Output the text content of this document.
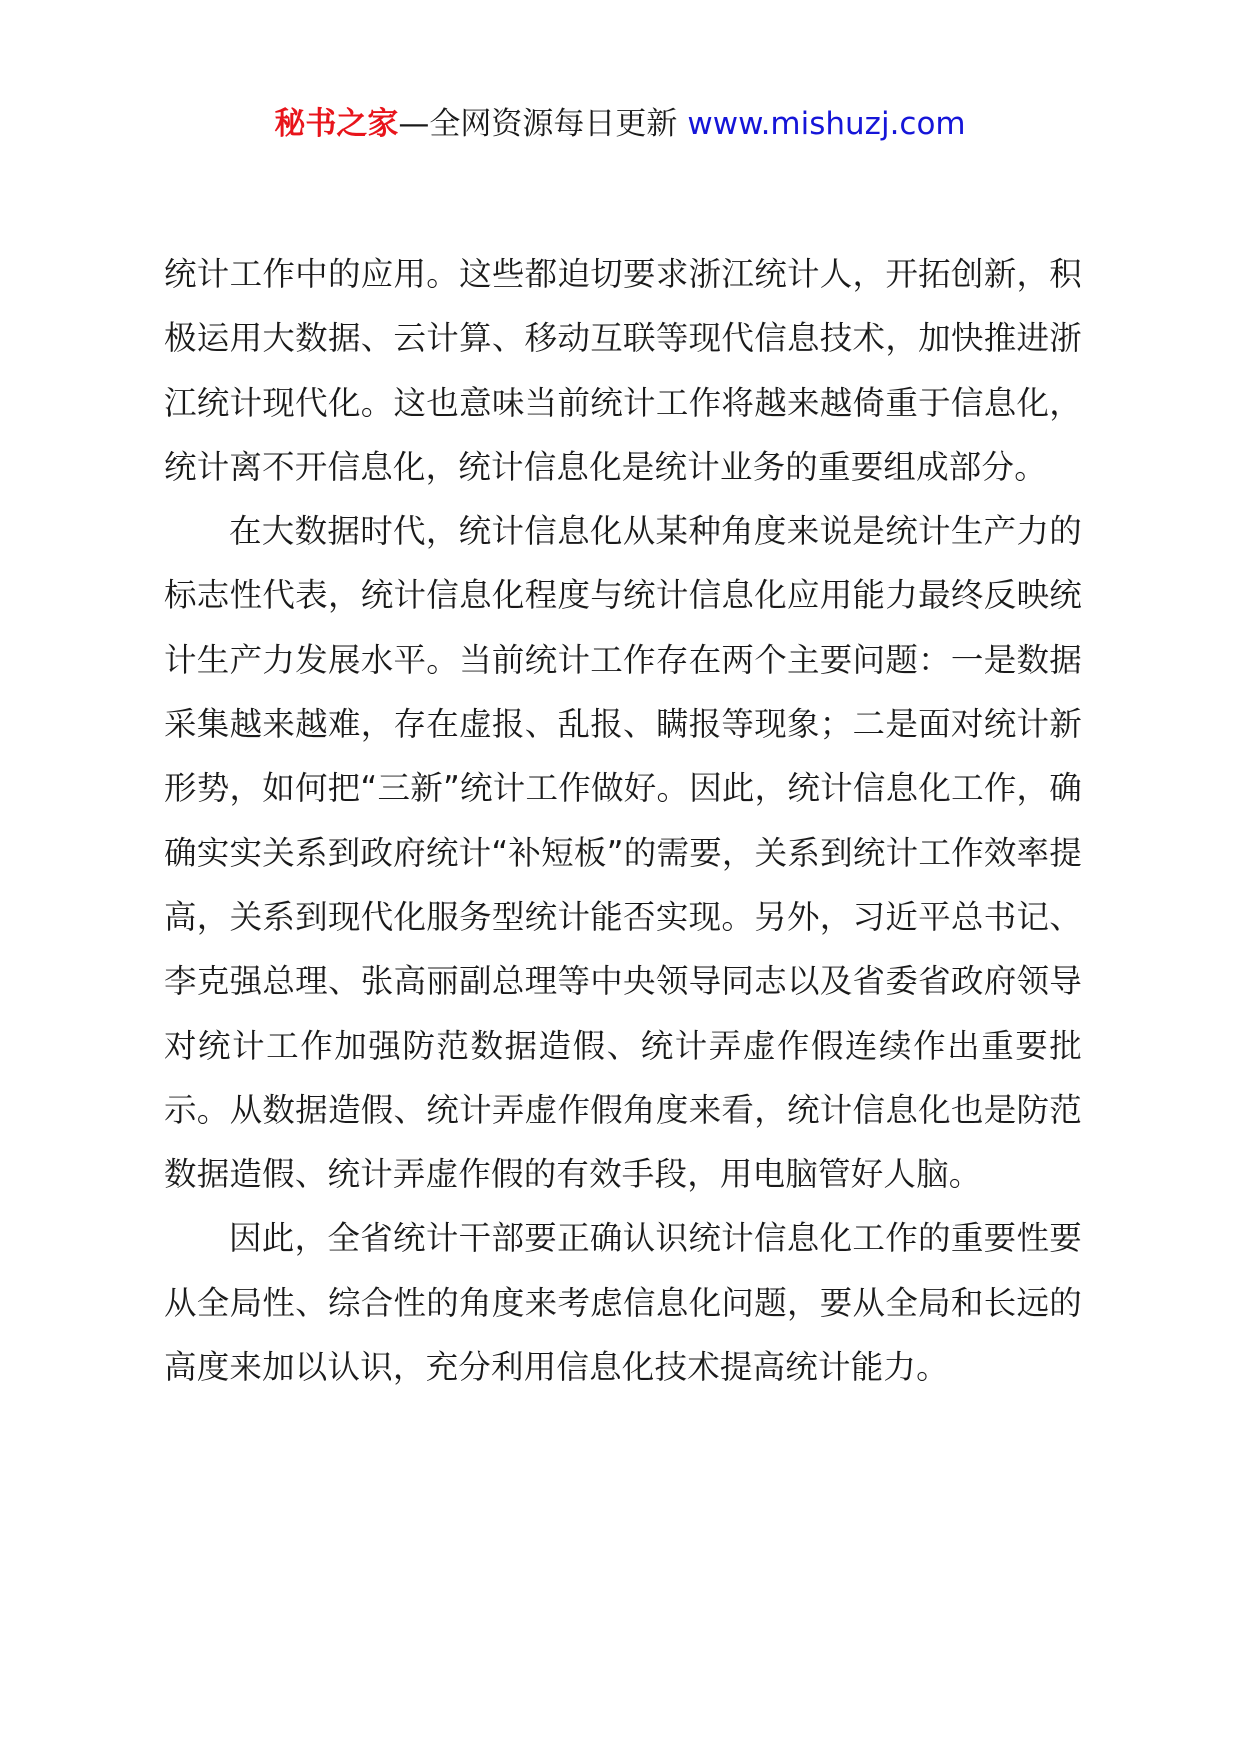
秘书之家—全网资源每日更新 www.mishuzj.com

统计工作中的应用。这些都迫切要求浙江统计人，开拓创新，积极运用大数据、云计算、移动互联等现代信息技术，加快推进浙江统计现代化。这也意味当前统计工作将越来越倚重于信息化，统计离不开信息化，统计信息化是统计业务的重要组成部分。

在大数据时代，统计信息化从某种角度来说是统计生产力的标志性代表，统计信息化程度与统计信息化应用能力最终反映统计生产力发展水平。当前统计工作存在两个主要问题：一是数据采集越来越难，存在虚报、乱报、瞒报等现象；二是面对统计新形势，如何把“三新”统计工作做好。因此，统计信息化工作，确确实实关系到政府统计“补短板”的需要，关系到统计工作效率提高，关系到现代化服务型统计能否实现。另外，习近平总书记、李克强总理、张高丽副总理等中央领导同志以及省委省政府领导对统计工作加强防范数据造假、统计弄虚作假连续作出重要批示。从数据造假、统计弄虚作假角度来看，统计信息化也是防范数据造假、统计弄虚作假的有效手段，用电脑管好人脑。

因此，全省统计干部要正确认识统计信息化工作的重要性要从全局性、综合性的角度来考虑信息化问题，要从全局和长远的高度来加以认识，充分利用信息化技术提高统计能力。
